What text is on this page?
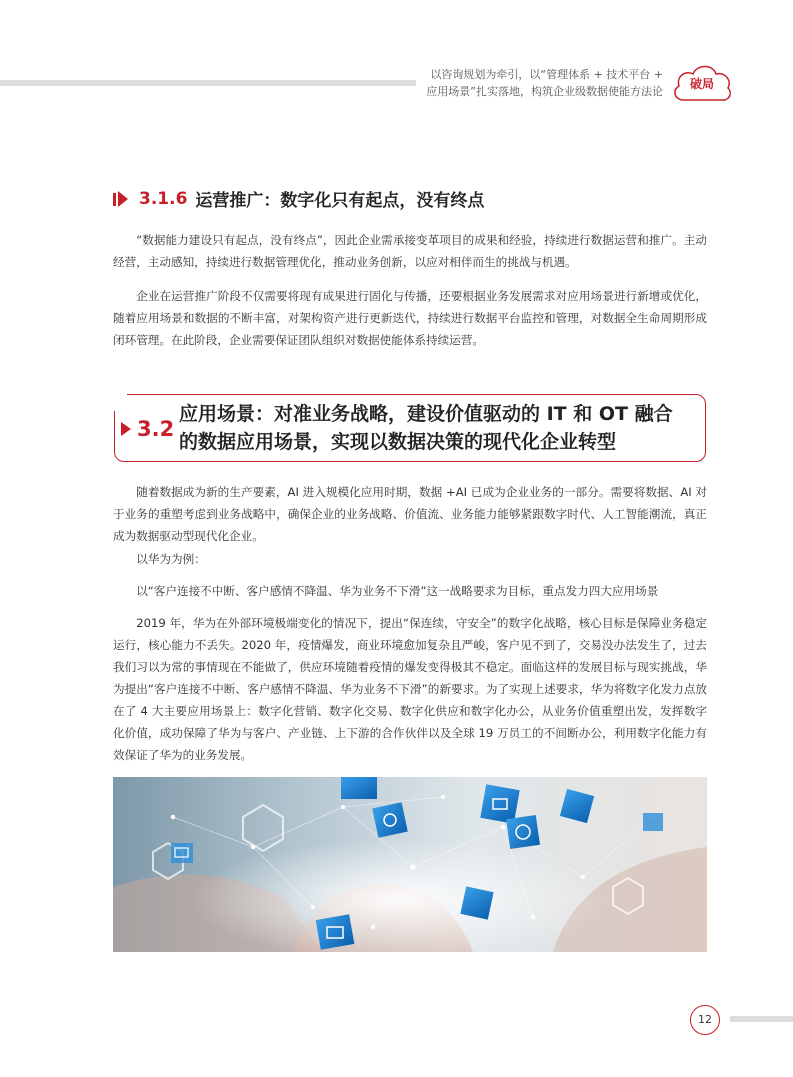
以咨询规划为牵引，以“管理体系 + 技术平台 +
应用场景”扎实落地，构筑企业级数据使能方法论
破局
3.1.6 运营推广：数字化只有起点，没有终点

“数据能力建设只有起点，没有终点”，因此企业需承接变革项目的成果和经验，持续进行数据运营和推广。主动经营，主动感知，持续进行数据管理优化，推动业务创新，以应对相伴而生的挑战与机遇。

企业在运营推广阶段不仅需要将现有成果进行固化与传播，还要根据业务发展需求对应用场景进行新增或优化，随着应用场景和数据的不断丰富，对架构资产进行更新迭代，持续进行数据平台监控和管理，对数据全生命周期形成闭环管理。在此阶段，企业需要保证团队组织对数据使能体系持续运营。

3.2
应用场景：对准业务战略，建设价值驱动的 IT 和 OT 融合
的数据应用场景，实现以数据决策的现代化企业转型

随着数据成为新的生产要素，AI 进入规模化应用时期，数据 +AI 已成为企业业务的一部分。需要将数据、AI 对于业务的重塑考虑到业务战略中，确保企业的业务战略、价值流、业务能力能够紧跟数字时代、人工智能潮流，真正成为数据驱动型现代化企业。

以华为为例：

以“客户连接不中断、客户感情不降温、华为业务不下滑”这一战略要求为目标，重点发力四大应用场景

2019 年，华为在外部环境极端变化的情况下，提出“保连续，守安全”的数字化战略，核心目标是保障业务稳定运行，核心能力不丢失。2020 年，疫情爆发，商业环境愈加复杂且严峻，客户见不到了，交易没办法发生了，过去我们习以为常的事情现在不能做了，供应环境随着疫情的爆发变得极其不稳定。面临这样的发展目标与现实挑战，华为提出“客户连接不中断、客户感情不降温、华为业务不下滑”的新要求。为了实现上述要求，华为将数字化发力点放在了 4 大主要应用场景上：数字化营销、数字化交易、数字化供应和数字化办公，从业务价值重塑出发，发挥数字化价值，成功保障了华为与客户、产业链、上下游的合作伙伴以及全球 19 万员工的不间断办公，利用数字化能力有效保证了华为的业务发展。

12
